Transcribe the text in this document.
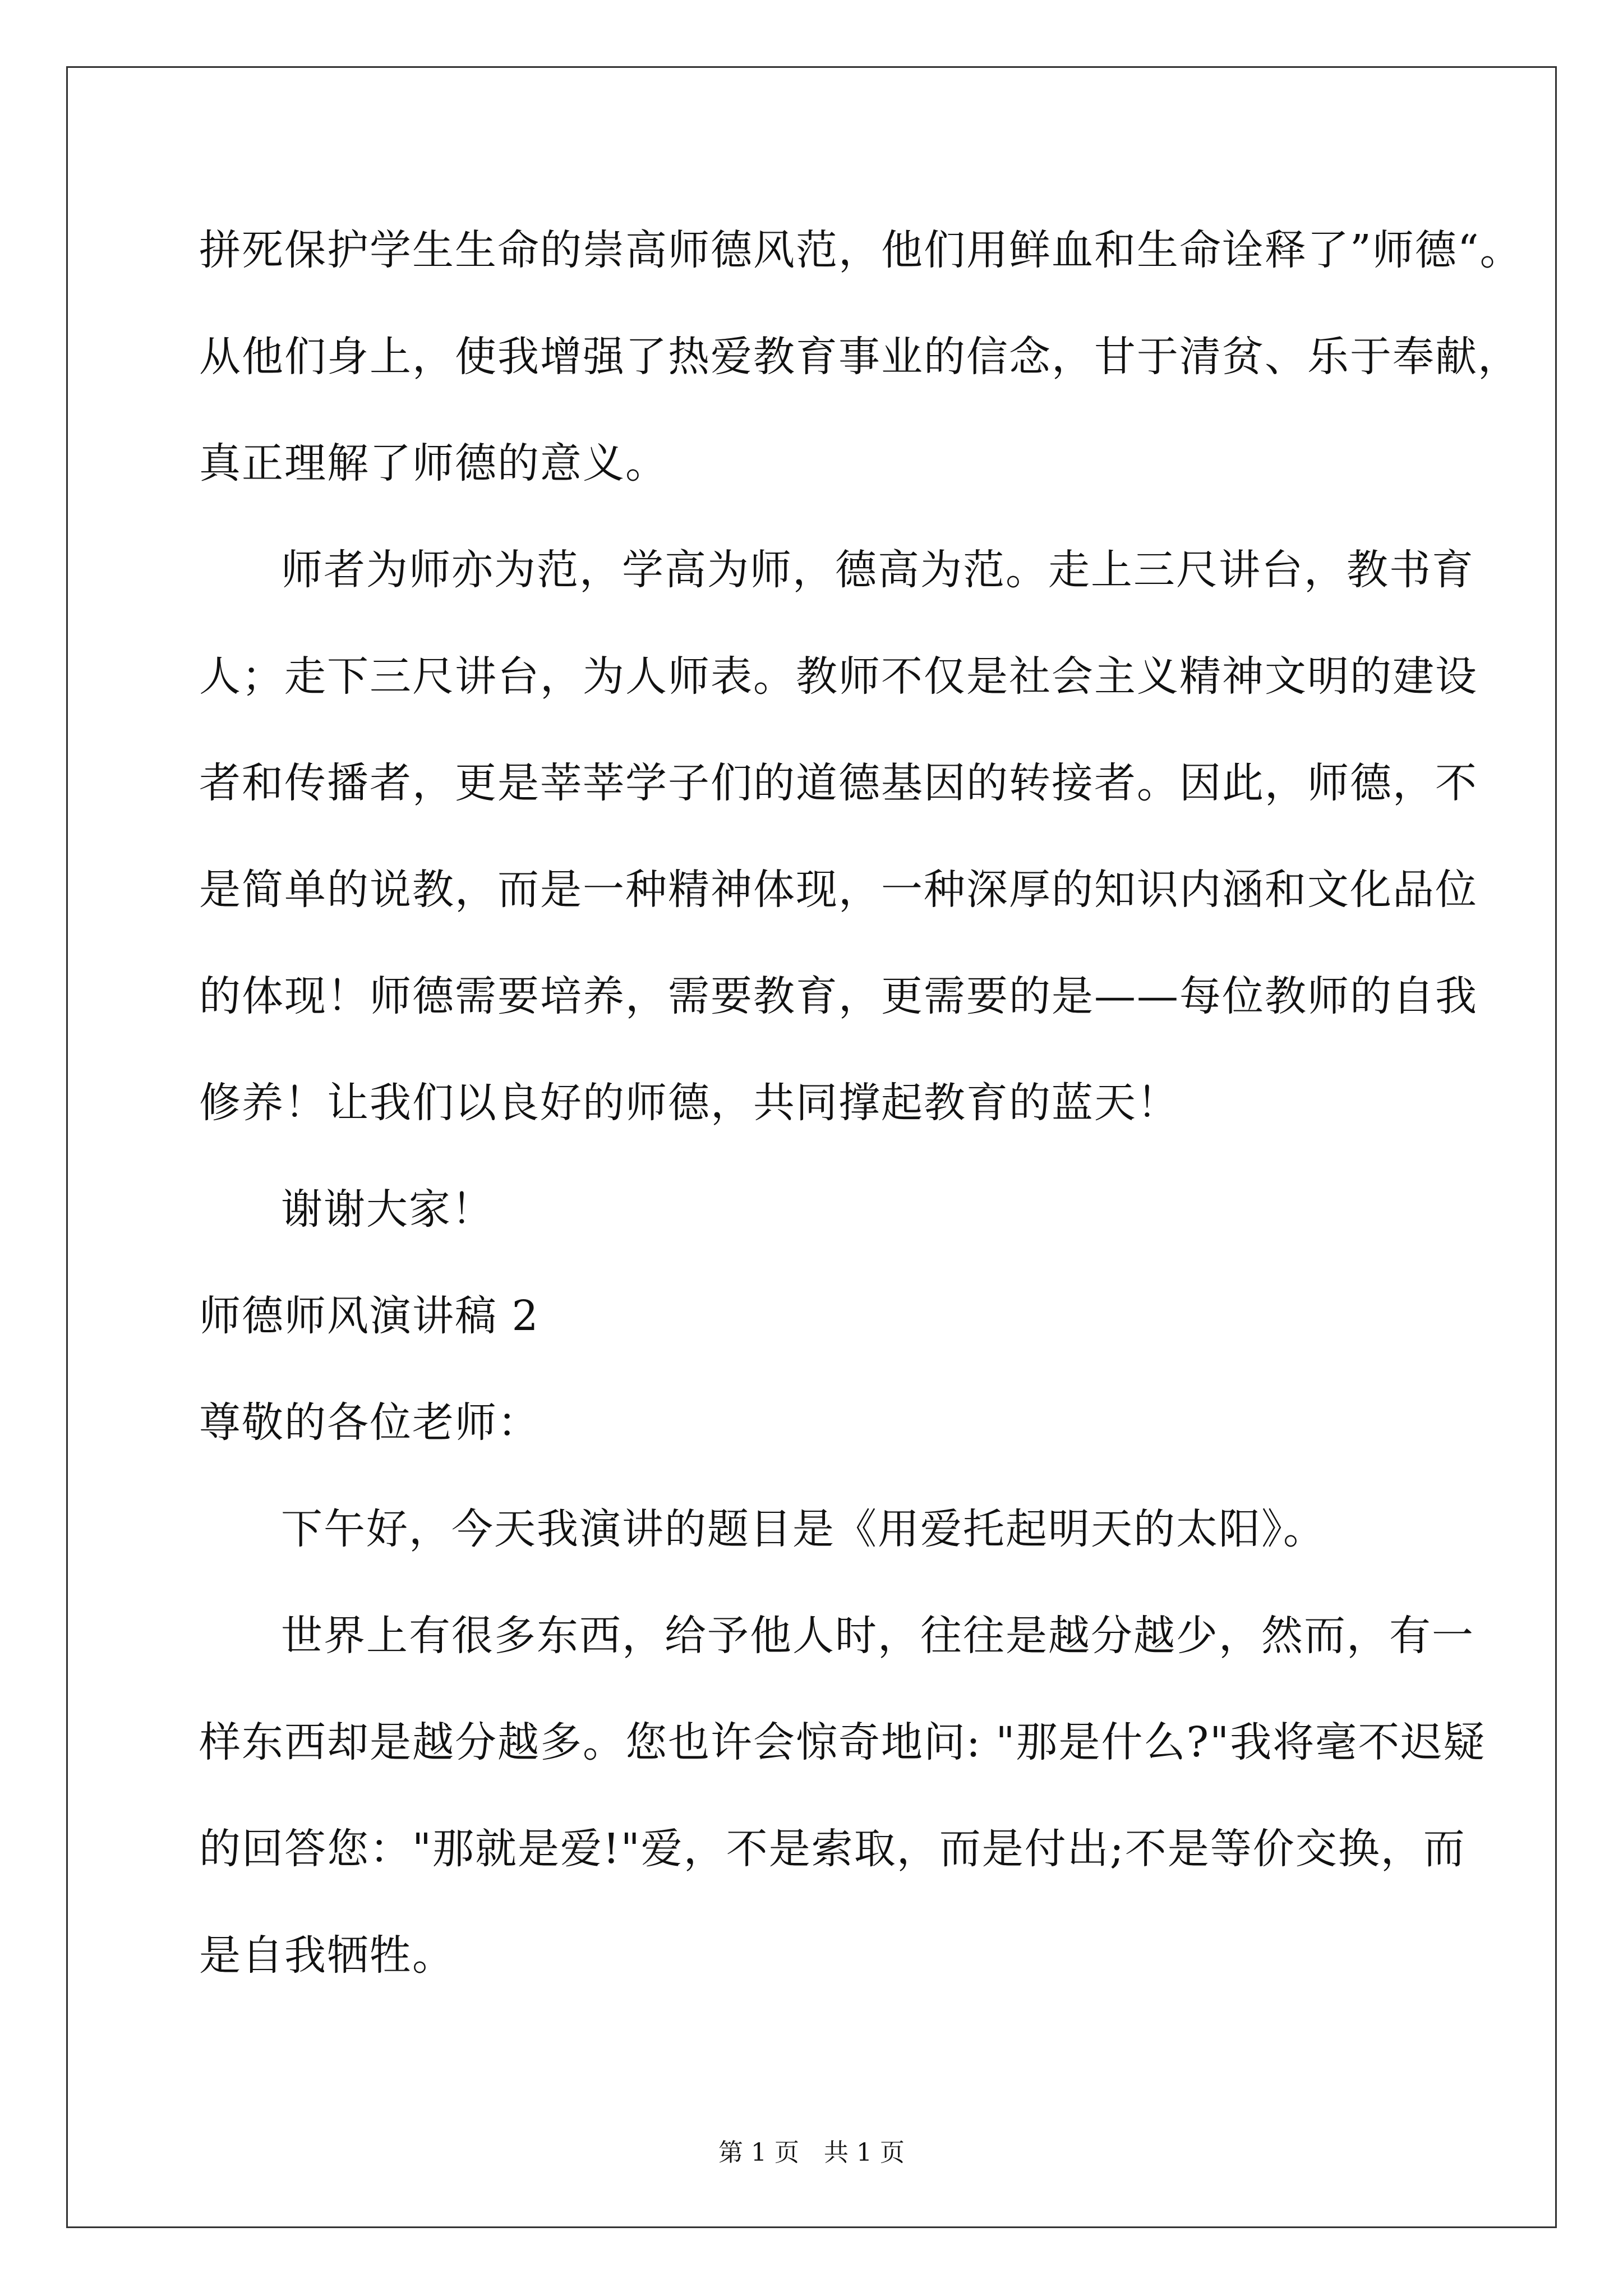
拼死保护学生生命的崇高师德风范，他们用鲜血和生命诠释了”师德“。
从他们身上，使我增强了热爱教育事业的信念，甘于清贫、乐于奉献，
真正理解了师德的意义。
师者为师亦为范，学高为师，德高为范。走上三尺讲台，教书育
人；走下三尺讲台，为人师表。教师不仅是社会主义精神文明的建设
者和传播者，更是莘莘学子们的道德基因的转接者。因此，师德，不
是简单的说教，而是一种精神体现，一种深厚的知识内涵和文化品位
的体现！师德需要培养，需要教育，更需要的是——每位教师的自我
修养！让我们以良好的师德，共同撑起教育的蓝天！
谢谢大家！
师德师风演讲稿 2
尊敬的各位老师：
下午好，今天我演讲的题目是《用爱托起明天的太阳》。
世界上有很多东西，给予他人时，往往是越分越少，然而，有一
样东西却是越分越多。您也许会惊奇地问: "那是什么?"我将毫不迟疑
的回答您："那就是爱!"爱，不是索取，而是付出;不是等价交换，而
是自我牺牲。
第 1 页 共 1 页
